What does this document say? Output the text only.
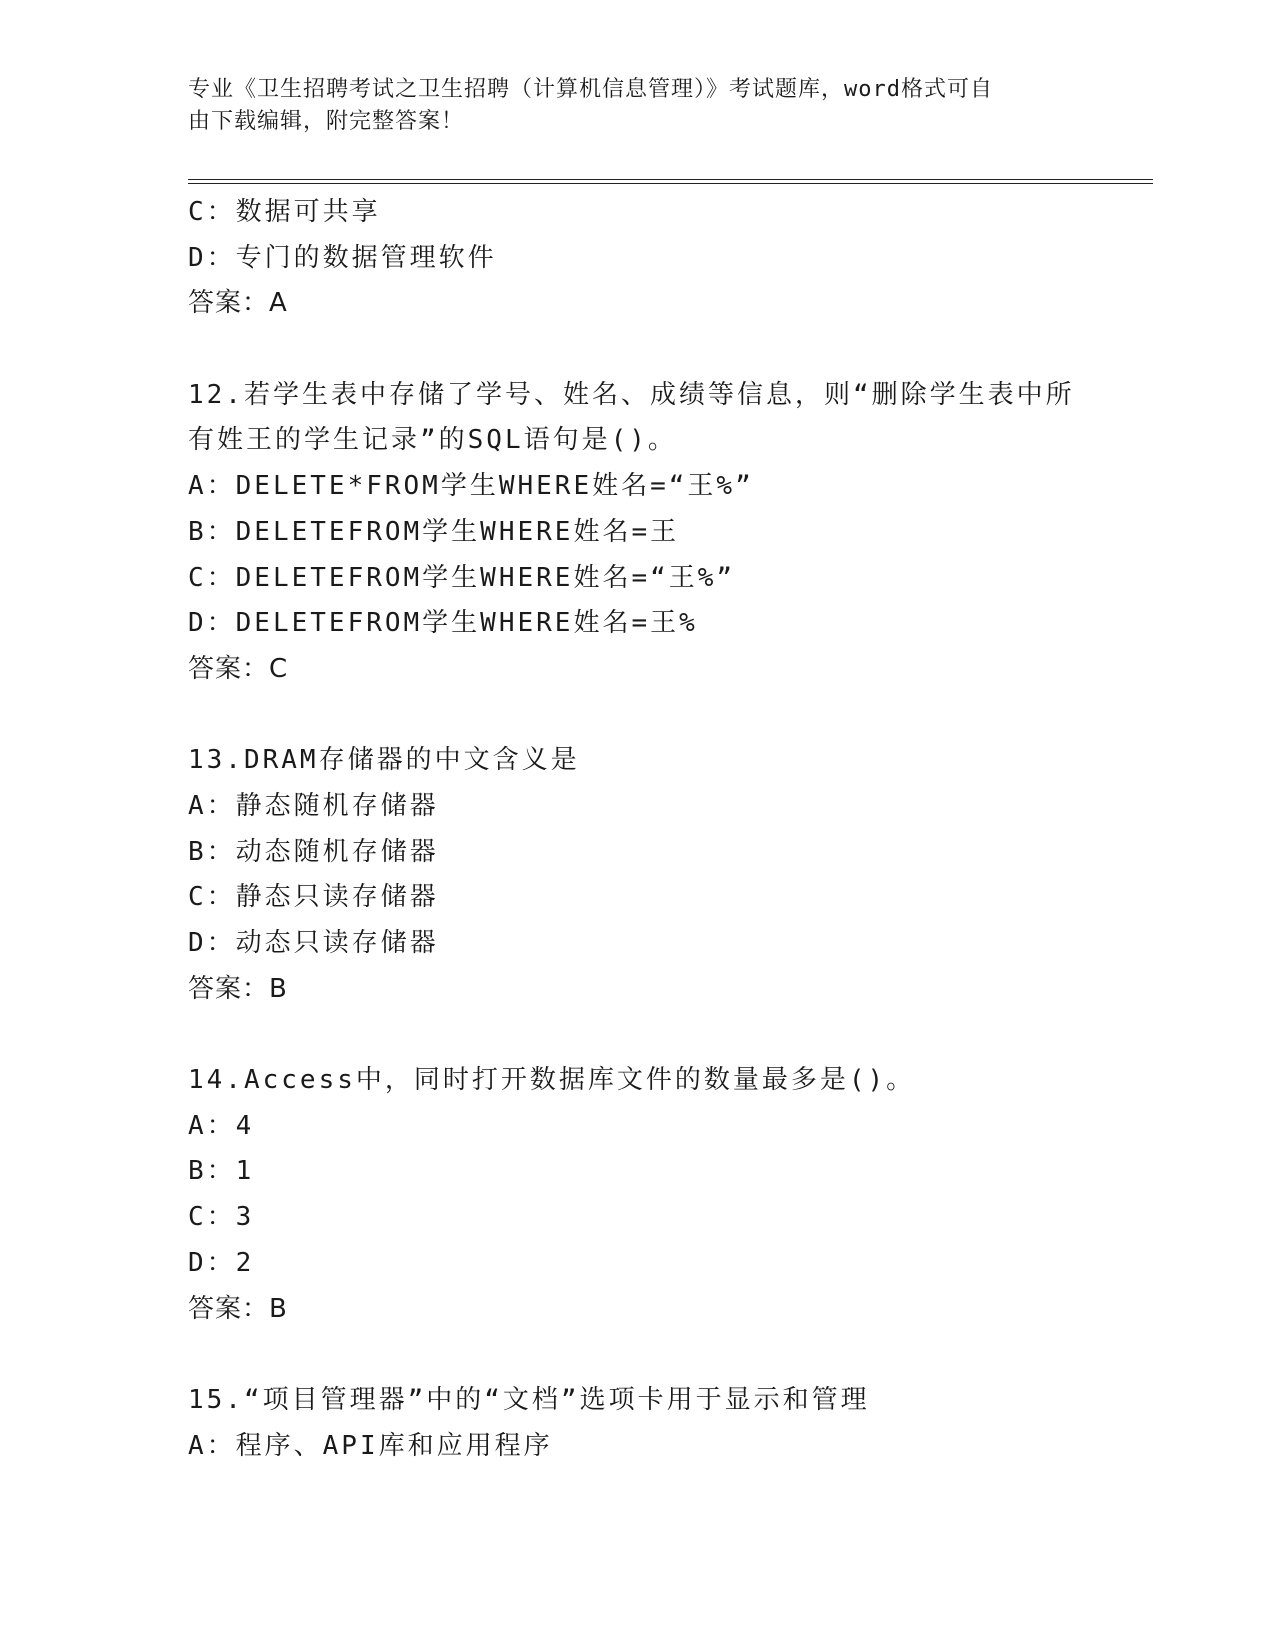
专业《卫生招聘考试之卫生招聘（计算机信息管理）》考试题库，word格式可自
由下载编辑，附完整答案！
C：数据可共享
D：专门的数据管理软件
答案：A
12.若学生表中存储了学号、姓名、成绩等信息，则“删除学生表中所
有姓王的学生记录”的SQL语句是()。
A：DELETE*FROM学生WHERE姓名=“王%”
B：DELETEFROM学生WHERE姓名=王
C：DELETEFROM学生WHERE姓名=“王%”
D：DELETEFROM学生WHERE姓名=王%
答案：C
13.DRAM存储器的中文含义是
A：静态随机存储器
B：动态随机存储器
C：静态只读存储器
D：动态只读存储器
答案：B
14.Access中，同时打开数据库文件的数量最多是()。
A：4
B：1
C：3
D：2
答案：B
15.“项目管理器”中的“文档”选项卡用于显示和管理
A：程序、API库和应用程序
